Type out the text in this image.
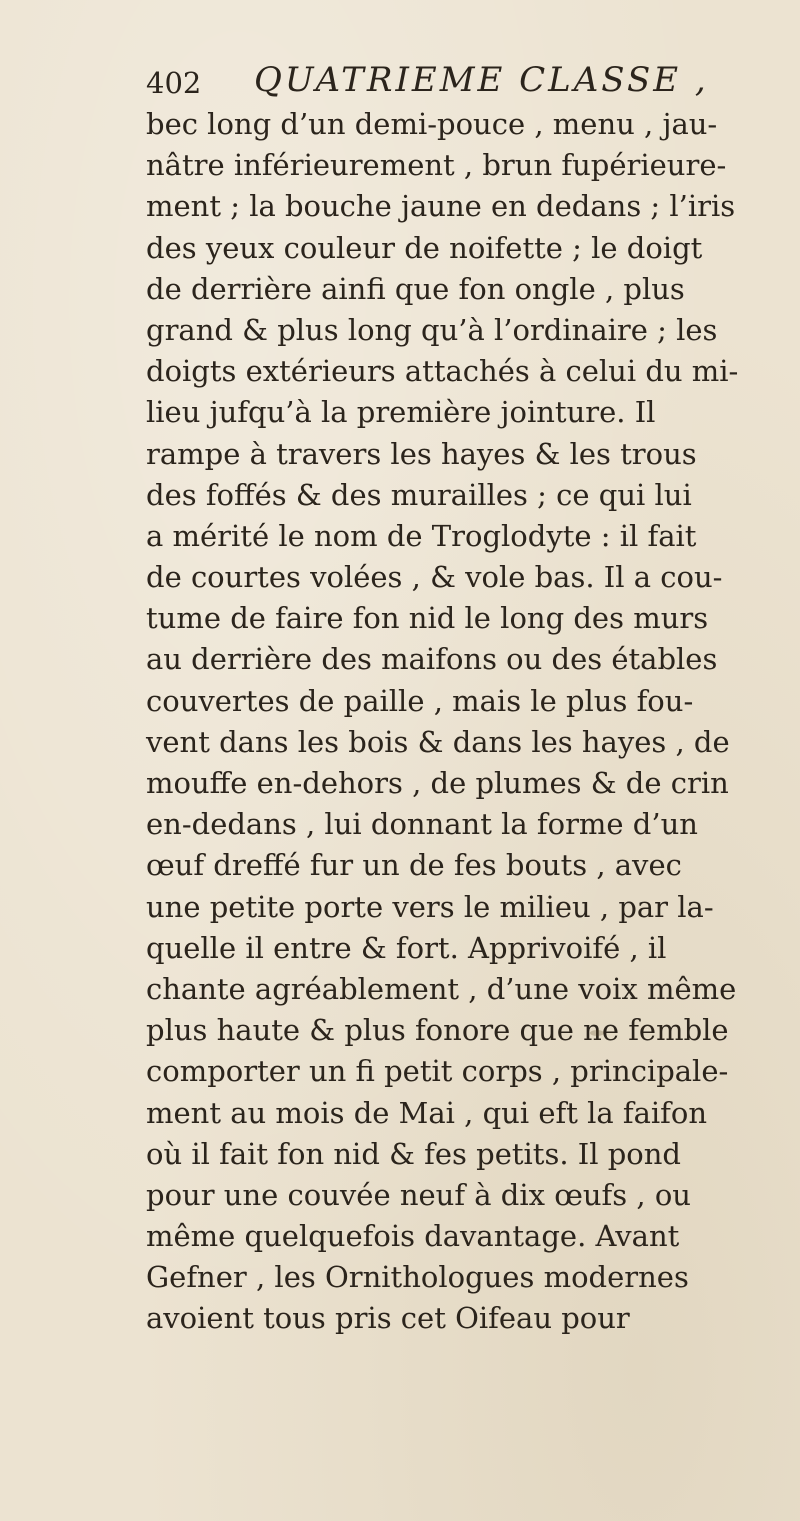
402 QUATRIEME CLASSE ,
bec long d’un demi-pouce , menu , jau-
nâtre inférieurement , brun fupérieure-
ment ; la bouche jaune en dedans ; l’iris
des yeux couleur de noifette ; le doigt
de derrière ainfi que fon ongle , plus
grand & plus long qu’à l’ordinaire ; les
doigts extérieurs attachés à celui du mi-
lieu jufqu’à la première jointure. Il
rampe à travers les hayes & les trous
des foffés & des murailles ; ce qui lui
a mérité le nom de Troglodyte : il fait
de courtes volées , & vole bas. Il a cou-
tume de faire fon nid le long des murs
au derrière des maifons ou des étables
couvertes de paille , mais le plus fou-
vent dans les bois & dans les hayes , de
mouffe en-dehors , de plumes & de crin
en-dedans , lui donnant la forme d’un
œuf dreffé fur un de fes bouts , avec
une petite porte vers le milieu , par la-
quelle il entre & fort. Apprivoifé , il
chante agréablement , d’une voix même
plus haute & plus fonore que ne femble
comporter un fi petit corps , principale-
ment au mois de Mai , qui eft la faifon
où il fait fon nid & fes petits. Il pond
pour une couvée neuf à dix œufs , ou
même quelquefois davantage. Avant
Gefner , les Ornithologues modernes
avoient tous pris cet Oifeau pour
